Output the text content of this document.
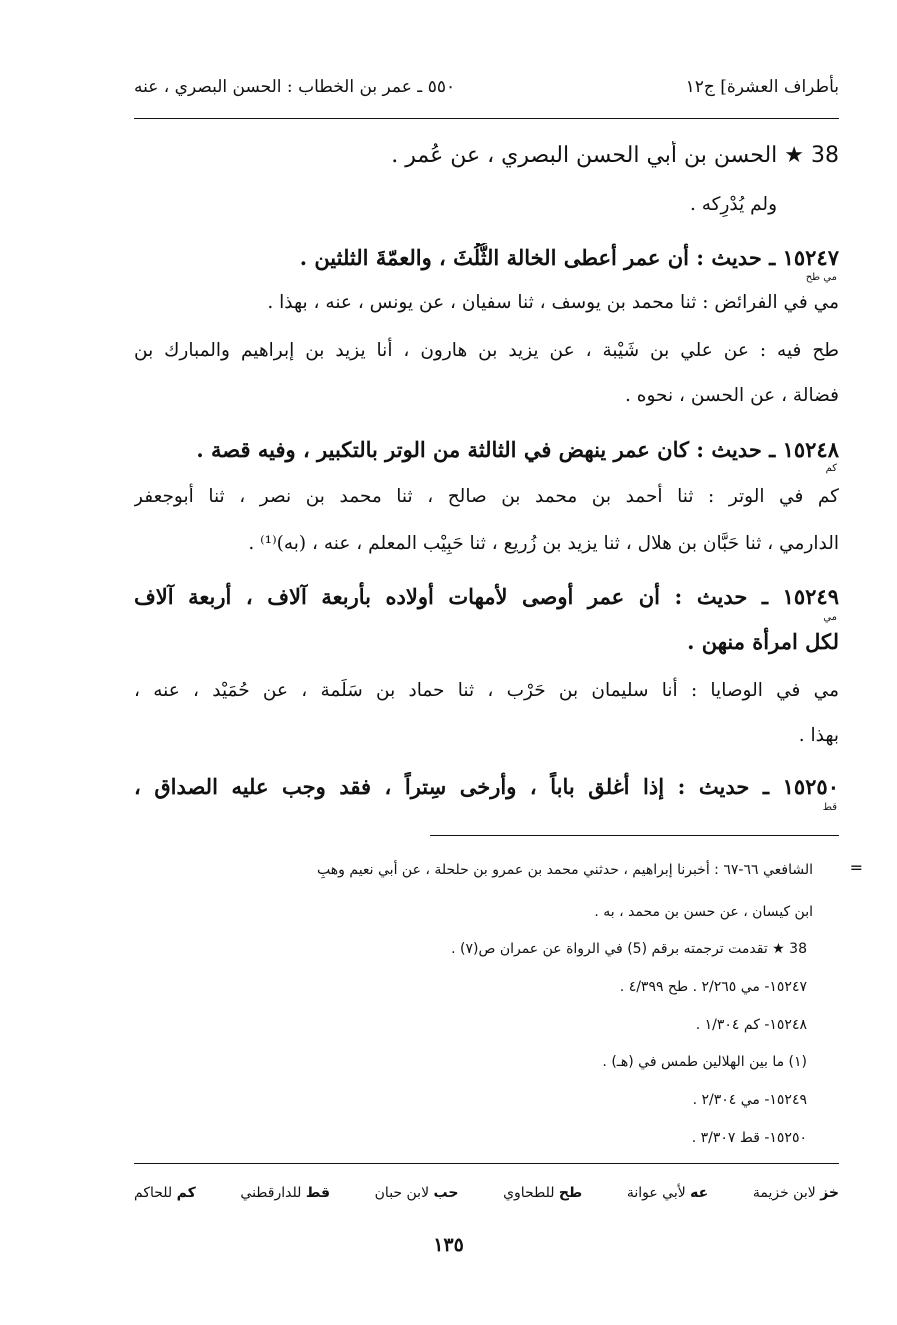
بأطراف العشرة] ج١٢
٥٥٠ ـ عمر بن الخطاب : الحسن البصري ، عنه
38 ★ الحسن بن أبي الحسن البصري ، عن عُمر .
ولم يُدْرِكه .
١٥٢٤٧ ـ حديث : أن عمر أعطى الخالة الثُّلُثَ ، والعمّةَ الثلثين .
مي طح
مي في الفرائض : ثنا محمد بن يوسف ، ثنا سفيان ، عن يونس ، عنه ، بهذا .
طح فيه : عن علي بن شَيْبة ، عن يزيد بن هارون ، أنا يزيد بن إبراهيم والمبارك بن
فضالة ، عن الحسن ، نحوه .
١٥٢٤٨ ـ حديث : كان عمر ينهض في الثالثة من الوتر بالتكبير ، وفيه قصة .
كم
كم في الوتر : ثنا أحمد بن محمد بن صالح ، ثنا محمد بن نصر ، ثنا أبوجعفر
الدارمي ، ثنا حَبَّان بن هلال ، ثنا يزيد بن زُريع ، ثنا حَبِيْب المعلم ، عنه ، (به)⁽¹⁾ .
١٥٢٤٩ ـ حديث : أن عمر أوصى لأمهات أولاده بأربعة آلاف ، أربعة آلاف
مي
لكل امرأة منهن .
مي في الوصايا : أنا سليمان بن حَرْب ، ثنا حماد بن سَلَمة ، عن حُمَيْد ، عنه ،
بهذا .
١٥٢٥٠ ـ حديث : إذا أغلق باباً ، وأرخى سِتراً ، فقد وجب عليه الصداق ،
قط
=
الشافعي ٦٦-٦٧ : أخبرنا إبراهيم ، حدثني محمد بن عمرو بن حلحلة ، عن أبي نعيم وهبِ
ابن كيسان ، عن حسن بن محمد ، به .
38 ★ تقدمت ترجمته برقم (5) في الرواة عن عمران ص(٧) .
١٥٢٤٧- مي ٢/٢٦٥ . طح ٤/٣٩٩ .
١٥٢٤٨- كم ١/٣٠٤ .
(١) ما بين الهلالين طمس في (هـ) .
١٥٢٤٩- مي ٢/٣٠٤ .
١٥٢٥٠- قط ٣/٣٠٧ .
خز لابن خزيمة
عه لأبي عوانة
طح للطحاوي
حب لابن حبان
قط للدارقطني
كم للحاكم
١٣٥
